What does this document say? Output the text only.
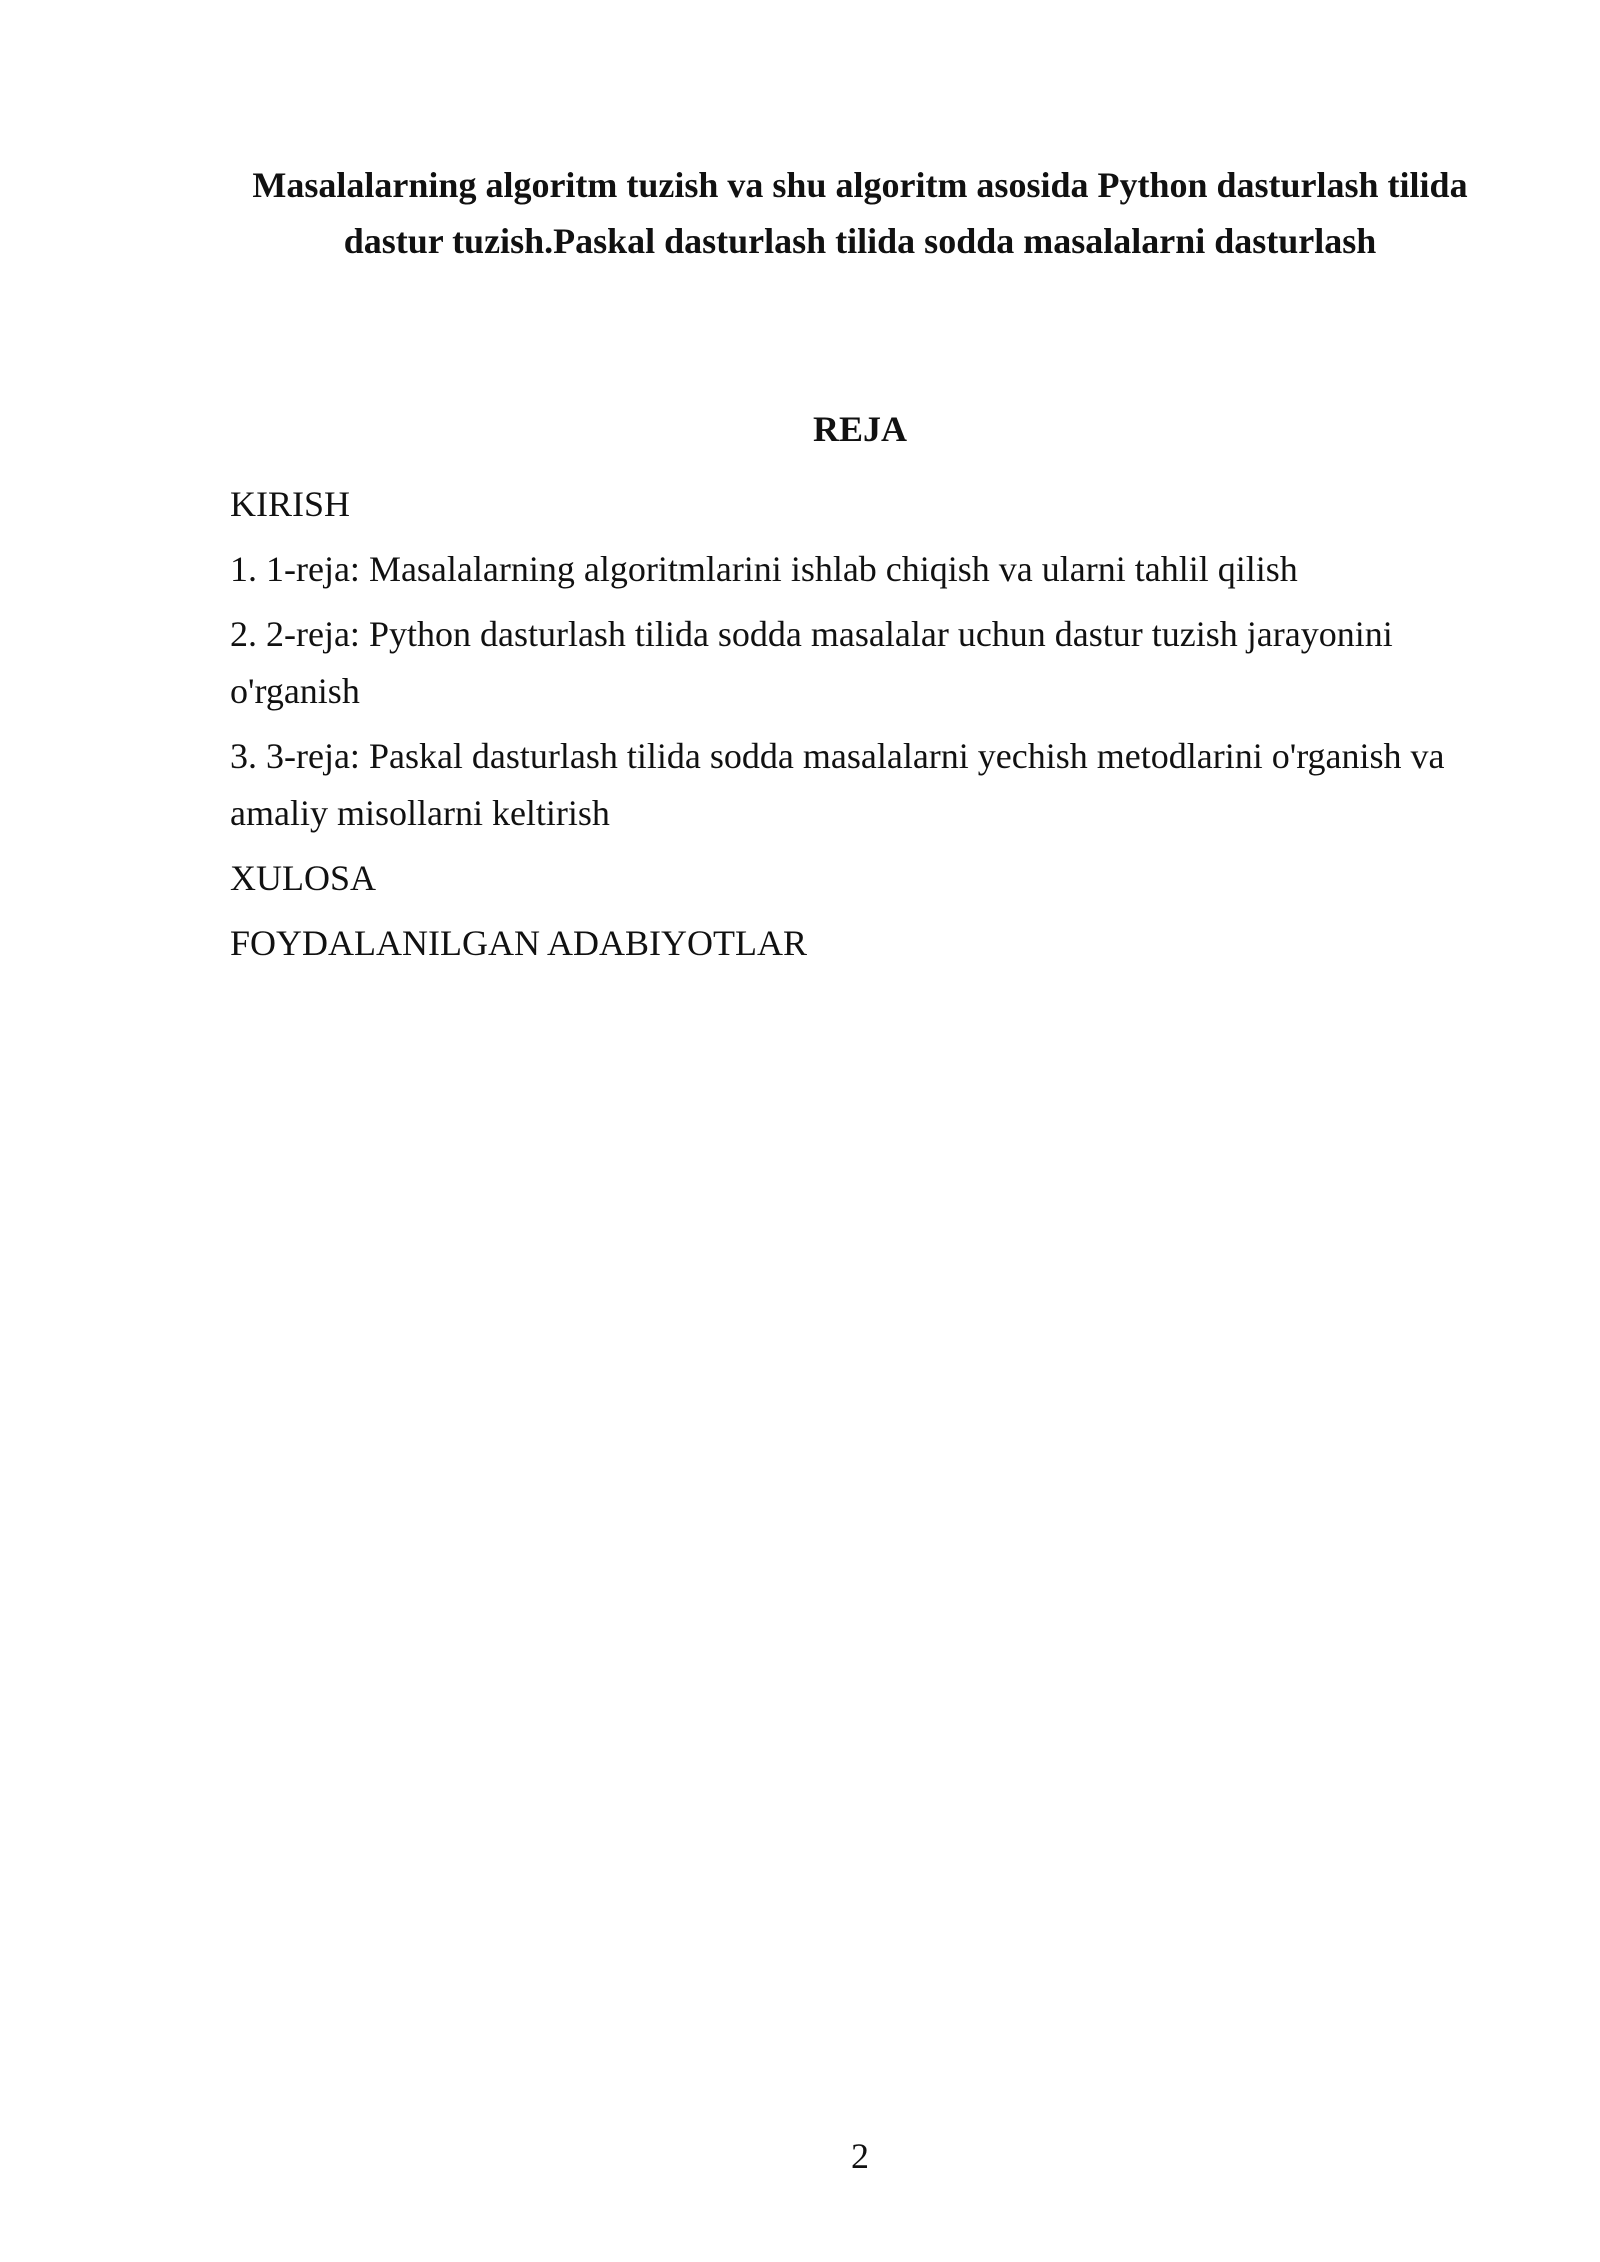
Masalalarning algoritm tuzish va shu algoritm asosida Python dasturlash tilida dastur tuzish.Paskal dasturlash tilida sodda masalalarni dasturlash
REJA

KIRISH

1. 1-reja: Masalalarning algoritmlarini ishlab chiqish va ularni tahlil qilish

2. 2-reja: Python dasturlash tilida sodda masalalar uchun dastur tuzish jarayonini o'rganish

3. 3-reja: Paskal dasturlash tilida sodda masalalarni yechish metodlarini o'rganish va amaliy misollarni keltirish

XULOSA

FOYDALANILGAN ADABIYOTLAR

2
